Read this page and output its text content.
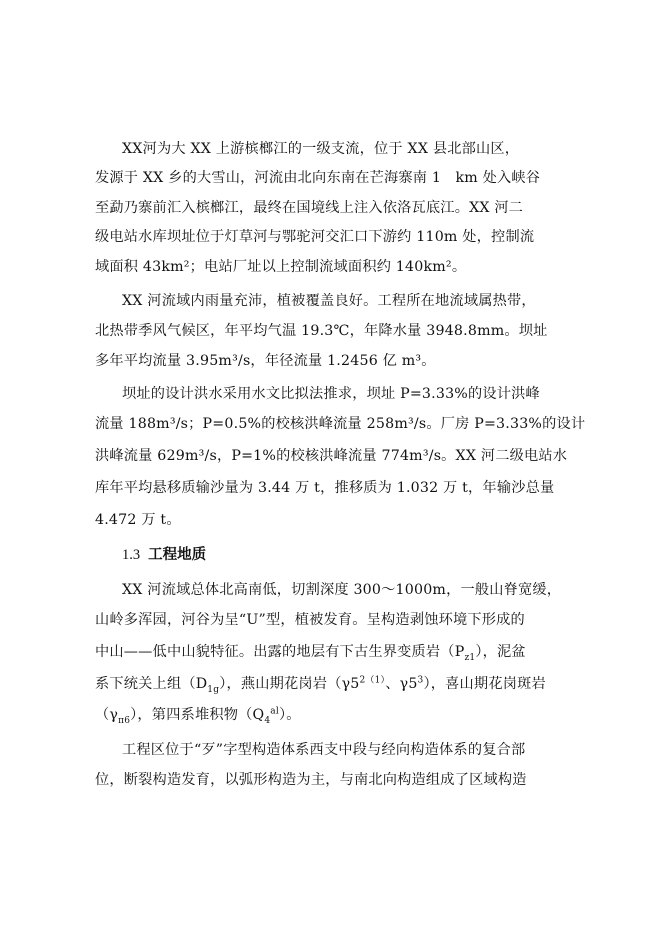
XX河为大 XX 上游槟榔江的一级支流，位于 XX 县北部山区，
发源于 XX 乡的大雪山，河流由北向东南在芒海寨南 1　km 处入峡谷
至勐乃寨前汇入槟榔江，最终在国境线上注入依洛瓦底江。XX 河二
级电站水库坝址位于灯草河与鄂驼河交汇口下游约 110m 处，控制流
域面积 43km²；电站厂址以上控制流域面积约 140km²。
XX 河流域内雨量充沛，植被覆盖良好。工程所在地流域属热带，
北热带季风气候区，年平均气温 19.3℃，年降水量 3948.8mm。坝址
多年平均流量 3.95m³/s，年径流量 1.2456 亿 m³。
坝址的设计洪水采用水文比拟法推求，坝址 P=3.33%的设计洪峰
流量 188m³/s；P=0.5%的校核洪峰流量 258m³/s。厂房 P=3.33%的设计
洪峰流量 629m³/s，P=1%的校核洪峰流量 774m³/s。XX 河二级电站水
库年平均悬移质输沙量为 3.44 万 t，推移质为 1.032 万 t，年输沙总量
4.472 万 t。
1.3 工程地质
XX 河流域总体北高南低，切割深度 300～1000m，一般山脊宽缓，
山岭多浑园，河谷为呈“U”型，植被发育。呈构造剥蚀环境下形成的
中山——低中山貌特征。出露的地层有下古生界变质岩$(P_{z1})$，泥盆
系下统关上组$(D_{1g})$，燕山期花岗岩（$\gamma 5^{2(1)}$、$\gamma 5^3$），喜山期花岗斑岩
$(\gamma_{\pi 6})$，第四系堆积物$(Q_4^{al})$。
工程区位于“歹”字型构造体系西支中段与经向构造体系的复合部
位，断裂构造发育，以弧形构造为主，与南北向构造组成了区域构造
